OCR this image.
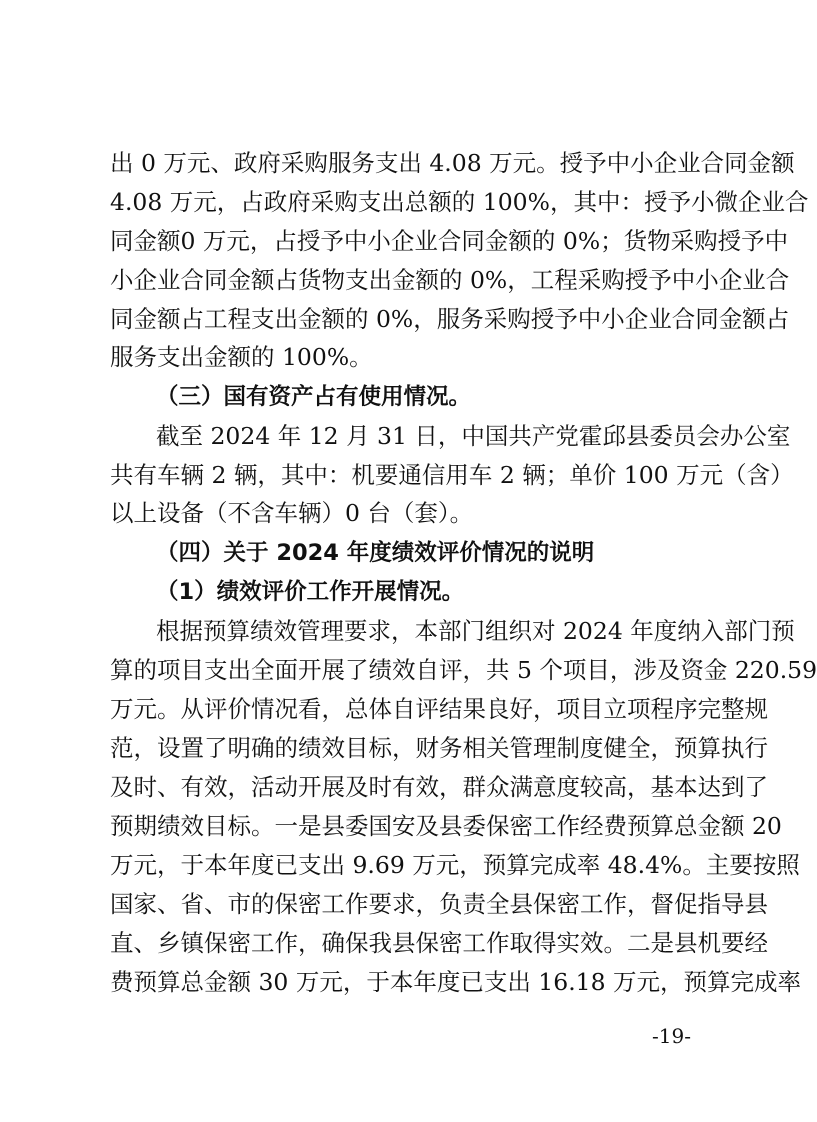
出 0 万元、政府采购服务支出 4.08 万元。授予中小企业合同金额
4.08 万元，占政府采购支出总额的 100%，其中：授予小微企业合
同金额0 万元，占授予中小企业合同金额的 0%；货物采购授予中
小企业合同金额占货物支出金额的 0%，工程采购授予中小企业合
同金额占工程支出金额的 0%，服务采购授予中小企业合同金额占
服务支出金额的 100%。
（三）国有资产占有使用情况。
截至 2024 年 12 月 31 日，中国共产党霍邱县委员会办公室
共有车辆 2 辆，其中：机要通信用车 2 辆；单价 100 万元（含）
以上设备（不含车辆）0 台（套）。
（四）关于 2024 年度绩效评价情况的说明
（1）绩效评价工作开展情况。
根据预算绩效管理要求，本部门组织对 2024 年度纳入部门预
算的项目支出全面开展了绩效自评，共 5 个项目，涉及资金 220.59
万元。从评价情况看，总体自评结果良好，项目立项程序完整规
范，设置了明确的绩效目标，财务相关管理制度健全，预算执行
及时、有效，活动开展及时有效，群众满意度较高，基本达到了
预期绩效目标。一是县委国安及县委保密工作经费预算总金额 20
万元，于本年度已支出 9.69 万元，预算完成率 48.4%。主要按照
国家、省、市的保密工作要求，负责全县保密工作，督促指导县
直、乡镇保密工作，确保我县保密工作取得实效。二是县机要经
费预算总金额 30 万元，于本年度已支出 16.18 万元，预算完成率
-19-
